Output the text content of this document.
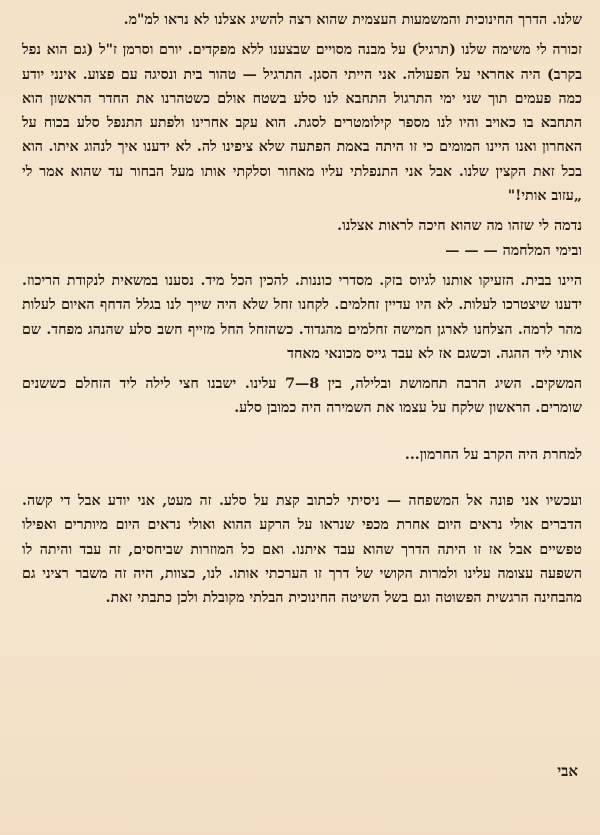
שלנו. הדרך החינוכית והמשמעות העצמית שהוא רצה להשיג אצלנו לא נראו למ"מ.

זכורה לי משימה שלנו (תרגיל) על מבנה מסויים שבצענו ללא מפקדים. יורם וסרמן ז"ל (גם הוא נפל בקרב) היה אחראי על הפעולה. אני הייתי הסגן. התרגיל — טהור בית ונסיגה עם פצוע. אינני יודע כמה פעמים תוך שני ימי התרגול התחבא לנו סלע בשטח אולם כשטהרנו את החדר הראשון הוא התחבא בו כאויב והיו לנו מספר קילומטרים לסגת. הוא עקב אחרינו ולפתע התנפל סלע בכוח על האחרון ואנו היינו המומים כי זו היתה באמת הפתעה שלא ציפינו לה. לא ידענו איך לנהוג איתו. הוא בכל זאת הקצין שלנו. אבל אני התנפלתי עליו מאחור וסלקתי אותו מעל הבחור עד שהוא אמר לי „עזוב אותי!"

נדמה לי שזהו מה שהוא חיכה לראות אצלנו.

ובימי המלחמה — — —

היינו בבית. הזעיקו אותנו לגיוס בזק. מסדרי כוננות. להכין הכל מיד. נסענו במשאית לנקודת הריכוז. ידענו שיצטרכו לעלות. לא היו עדיין זחלמים. לקחנו זחל שלא היה שייך לנו בגלל הדחף האיום לעלות מהר לרמה. הצלחנו לארגן חמישה זחלמים מהגדוד. כשהזחל החל מזייף חשב סלע שהנהג מפחד. שם אותי ליד ההגה. וכשגם אז לא עבד גייס מכונאי מאחד

המשקים. השיג הרבה תחמושת ובלילה, בין 8—7 עלינו. ישבנו חצי לילה ליד הזחלם כששנים שומרים. הראשון שלקח על עצמו את השמירה היה כמובן סלע.

למחרת היה הקרב על החרמון...

ועכשיו אני פונה אל המשפחה — ניסיתי לכתוב קצת על סלע. זה מעט, אני יודע אבל די קשה. הדברים אולי נראים היום אחרת מכפי שנראו על הרקע ההוא ואולי נראים היום מיותרים ואפילו טפשיים אבל אז זו היתה הדרך שהוא עבד איתנו. ואם כל המוזרות שביחסים, זה עבד והיתה לו השפעה עצומה עלינו ולמרות הקושי של דרך זו הערכתי אותו. לנו, כצוות, היה זה משבר רציני גם מהבחינה הרגשית הפשוטה וגם בשל השיטה החינוכית הבלתי מקובלת ולכן כתבתי זאת.

אבי
